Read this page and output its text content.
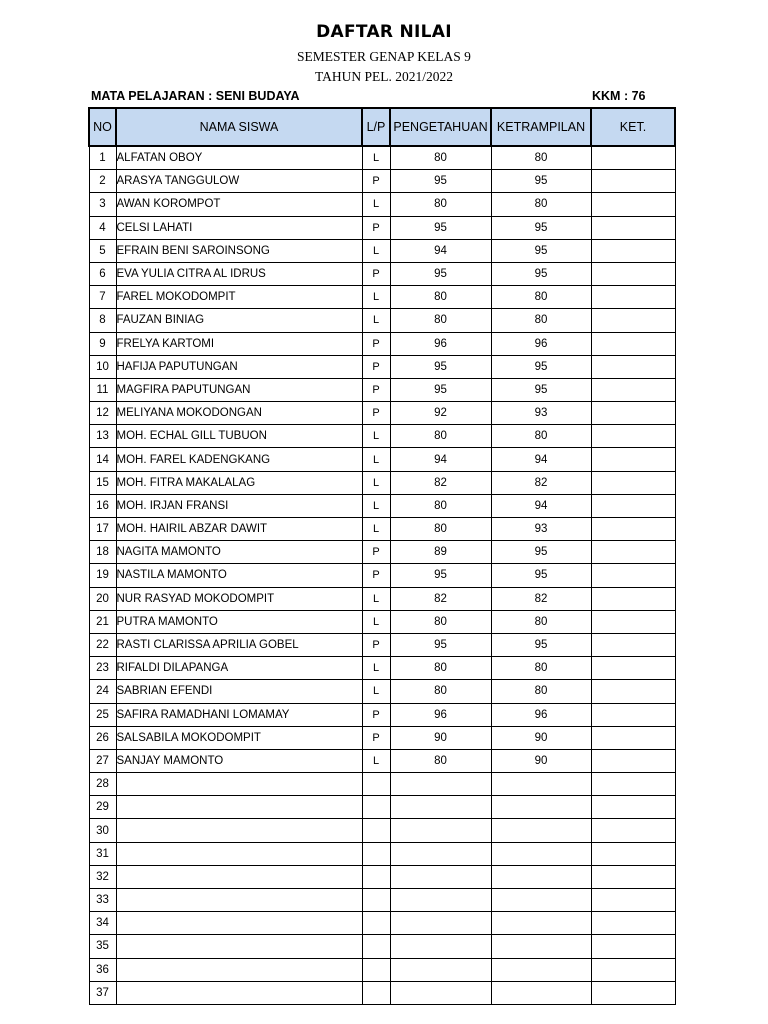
DAFTAR NILAI
SEMESTER GENAP KELAS 9
TAHUN PEL. 2021/2022
MATA PELAJARAN : SENI BUDAYA	KKM : 76
NO	NAMA SISWA	L/P	PENGETAHUAN	KETRAMPILAN	KET.
1	ALFATAN OBOY	L	80	80	
2	ARASYA TANGGULOW	P	95	95	
3	AWAN KOROMPOT	L	80	80	
4	CELSI LAHATI	P	95	95	
5	EFRAIN BENI SAROINSONG	L	94	95	
6	EVA YULIA CITRA AL IDRUS	P	95	95	
7	FAREL MOKODOMPIT	L	80	80	
8	FAUZAN BINIAG	L	80	80	
9	FRELYA KARTOMI	P	96	96	
10	HAFIJA PAPUTUNGAN	P	95	95	
11	MAGFIRA PAPUTUNGAN	P	95	95	
12	MELIYANA MOKODONGAN	P	92	93	
13	MOH. ECHAL GILL TUBUON	L	80	80	
14	MOH. FAREL KADENGKANG	L	94	94	
15	MOH. FITRA MAKALALAG	L	82	82	
16	MOH. IRJAN FRANSI	L	80	94	
17	MOH. HAIRIL ABZAR DAWIT	L	80	93	
18	NAGITA MAMONTO	P	89	95	
19	NASTILA MAMONTO	P	95	95	
20	NUR RASYAD MOKODOMPIT	L	82	82	
21	PUTRA MAMONTO	L	80	80	
22	RASTI CLARISSA APRILIA GOBEL	P	95	95	
23	RIFALDI DILAPANGA	L	80	80	
24	SABRIAN EFENDI	L	80	80	
25	SAFIRA RAMADHANI LOMAMAY	P	96	96	
26	SALSABILA MOKODOMPIT	P	90	90	
27	SANJAY MAMONTO	L	80	90	
28					
29					
30					
31					
32					
33					
34					
35					
36					
37					
